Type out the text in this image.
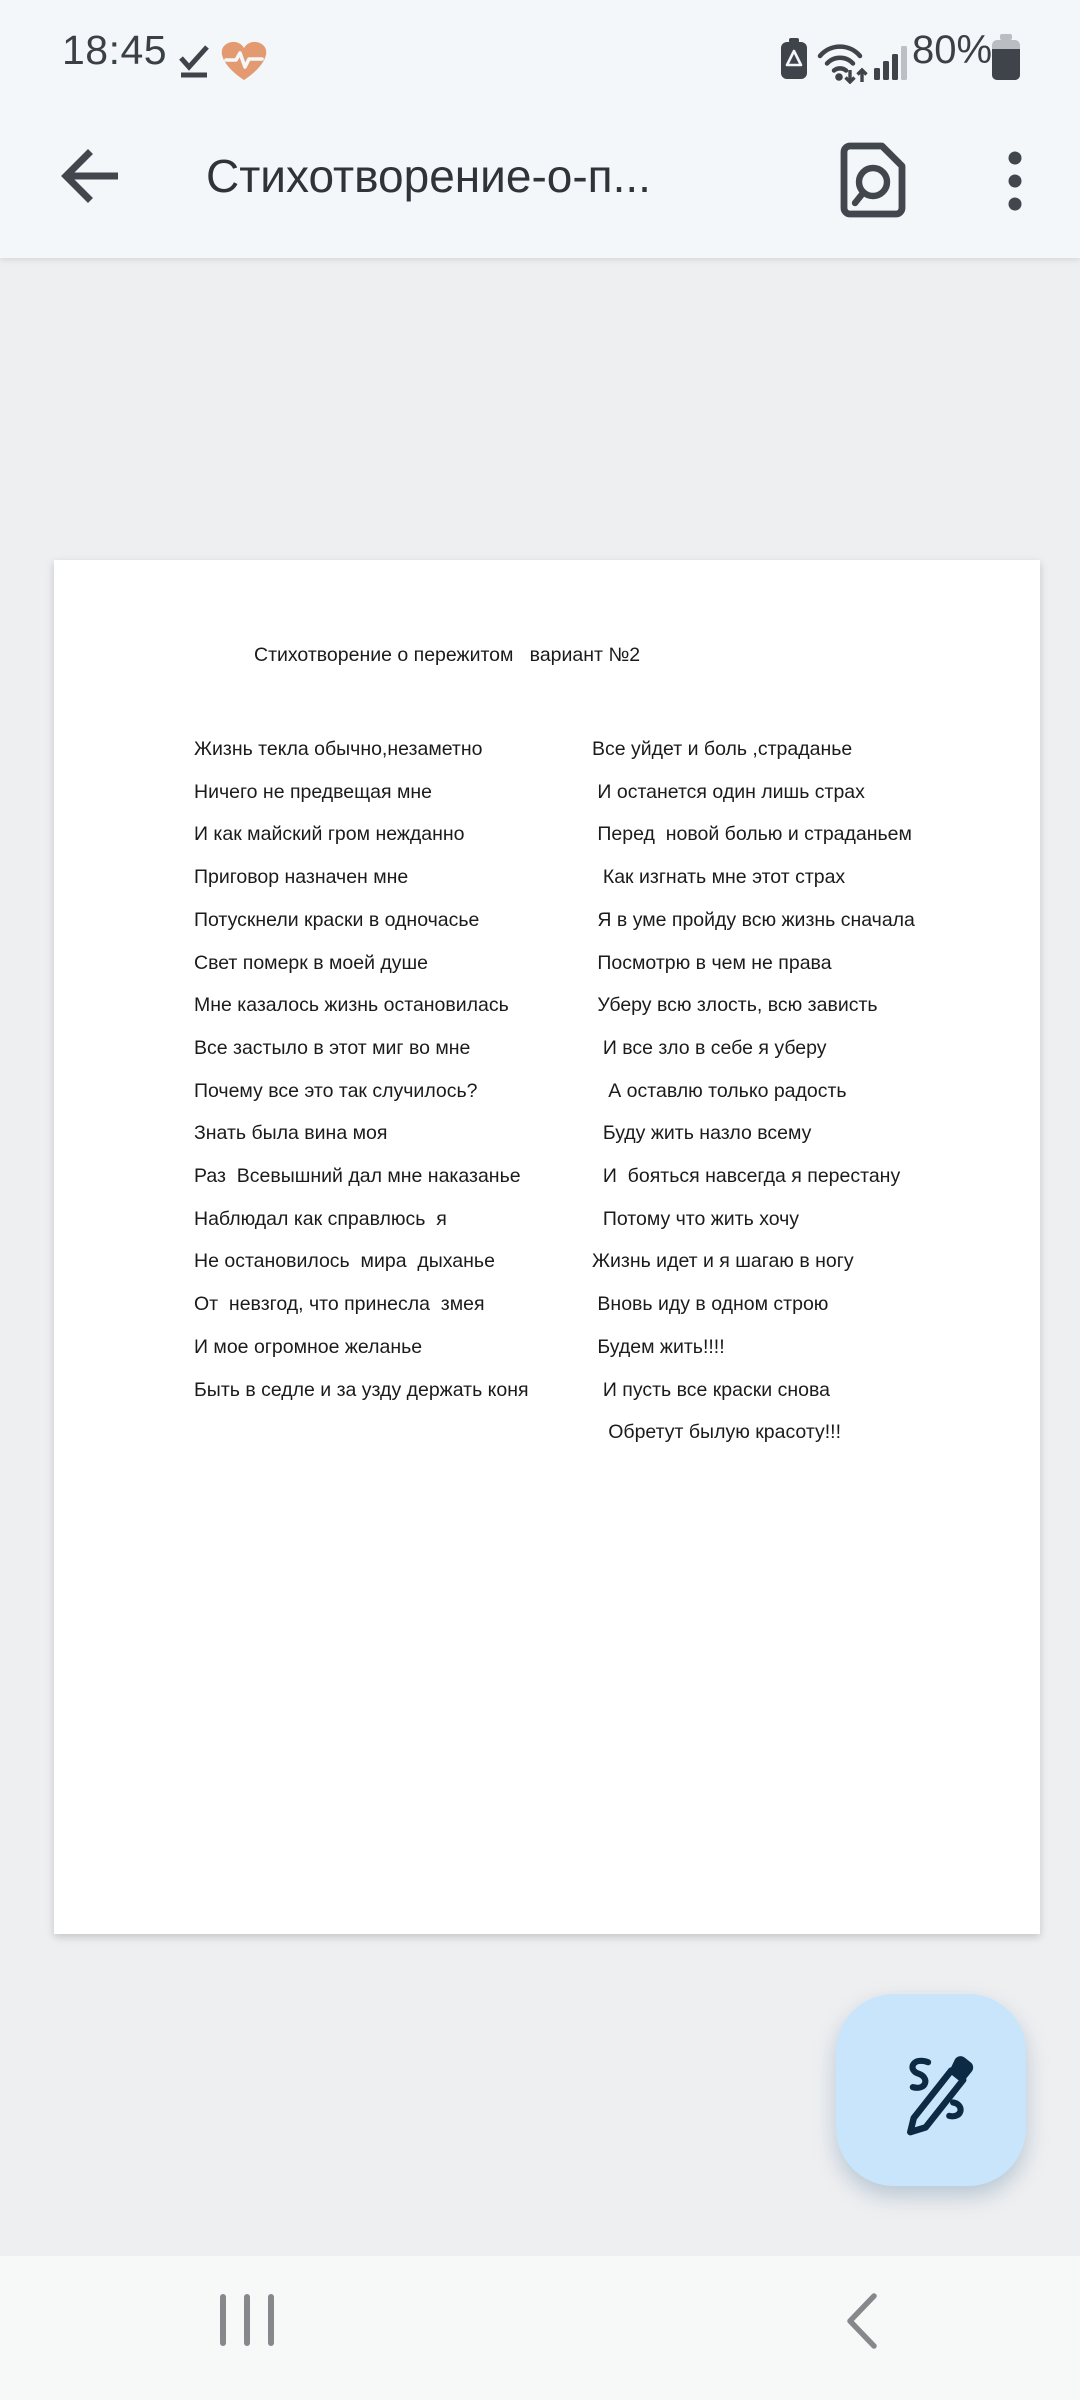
18:45	80%
Стихотворение-о-п...
Стихотворение о пережитом   вариант №2
Жизнь текла обычно,незаметно
Ничего не предвещая мне
И как майский гром нежданно
Приговор назначен мне
Потускнели краски в одночасье
Свет померк в моей душе
Мне казалось жизнь остановилась
Все застыло в этот миг во мне
Почему все это так случилось?
Знать была вина моя
Раз  Всевышний дал мне наказанье
Наблюдал как справлюсь  я
Не остановилось  мира  дыханье
От  невзгод, что принесла  змея
И мое огромное желанье
Быть в седле и за узду держать коня
Все уйдет и боль ,страданье
И останется один лишь страх
Перед  новой болью и страданьем
Как изгнать мне этот страх
Я в уме пройду всю жизнь сначала
Посмотрю в чем не права
Уберу всю злость, всю зависть
И все зло в себе я уберу
А оставлю только радость
Буду жить назло всему
И  бояться навсегда я перестану
Потому что жить хочу
Жизнь идет и я шагаю в ногу
Вновь иду в одном строю
Будем жить!!!!
И пусть все краски снова
Обретут былую красоту!!!
